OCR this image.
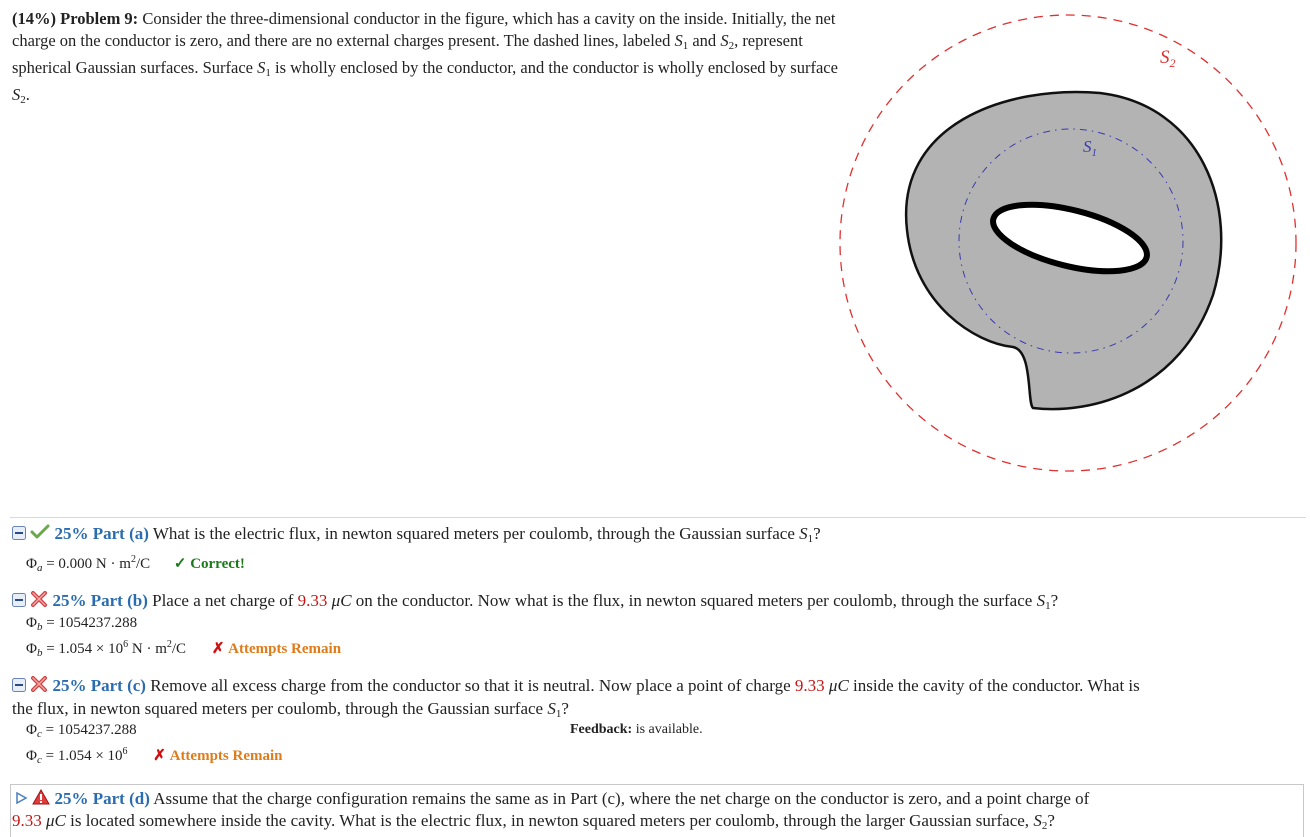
(14%) Problem 9: Consider the three-dimensional conductor in the figure, which has a cavity on the inside. Initially, the net charge on the conductor is zero, and there are no external charges present. The dashed lines, labeled $S_1$ and $S_2$, represent spherical Gaussian surfaces. Surface $S_1$ is wholly enclosed by the conductor, and the conductor is wholly enclosed by surface $S_2$.
$S_1$
$S_2$
25% Part (a) What is the electric flux, in newton squared meters per coulomb, through the Gaussian surface $S_1$?
$\Phi_a = 0.000$ $N \cdot m^2/C$ ✓ Correct!
25% Part (b) Place a net charge of 9.33 μC on the conductor. Now what is the flux, in newton squared meters per coulomb, through the surface $S_1$?
$\Phi_b = 1054237.288$
$\Phi_b = 1.054 \times 10^6$ $N \cdot m^2/C$ ✗ Attempts Remain
25% Part (c) Remove all excess charge from the conductor so that it is neutral. Now place a point of charge 9.33 μC inside the cavity of the conductor. What is
the flux, in newton squared meters per coulomb, through the Gaussian surface $S_1$?
$\Phi_c = 1054237.288$	Feedback: is available.
$\Phi_c = 1.054 \times 10^6$ ✗ Attempts Remain
25% Part (d) Assume that the charge configuration remains the same as in Part (c), where the net charge on the conductor is zero, and a point charge of
9.33 μC is located somewhere inside the cavity. What is the electric flux, in newton squared meters per coulomb, through the larger Gaussian surface, $S_2$?
